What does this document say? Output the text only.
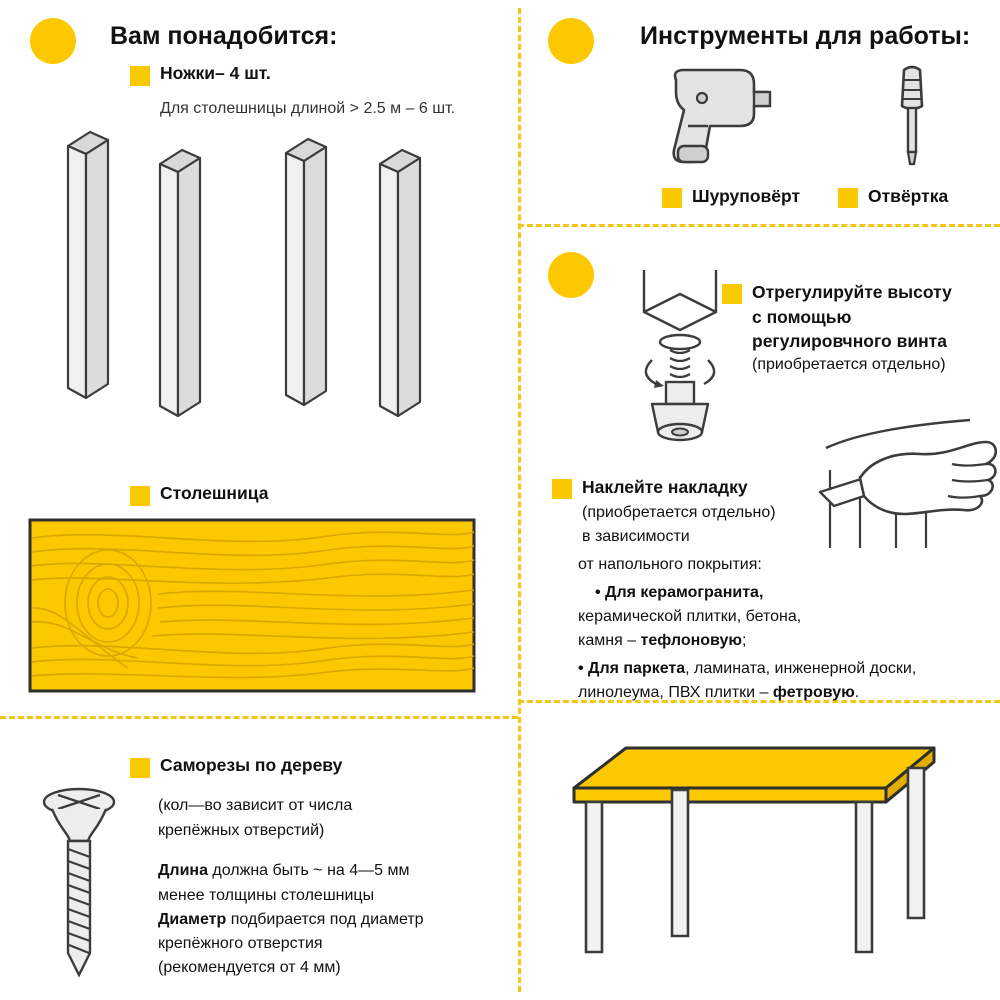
Вам понадобится:
Ножки– 4 шт.
Для столешницы длиной > 2.5 м – 6 шт.
Столешница
Саморезы по дереву
(кол—во зависит от числа
крепёжных отверстий)
Длина должна быть ~ на 4—5 мм
менее толщины столешницы
Диаметр подбирается под диаметр
крепёжного отверстия
(рекомендуется от 4 мм)
Инструменты для работы:
Шуруповёрт	Отвёртка
Отрегулируйте высоту
с помощью
регулировчного винта
(приобретается отдельно)
Наклейте накладку
(приобретается отдельно)
в зависимости
от напольного покрытия:
• Для керамогранита,
керамической плитки, бетона,
камня – тефлоновую;
• Для паркета, ламината, инженерной доски,
линолеума, ПВХ плитки – фетровую.
